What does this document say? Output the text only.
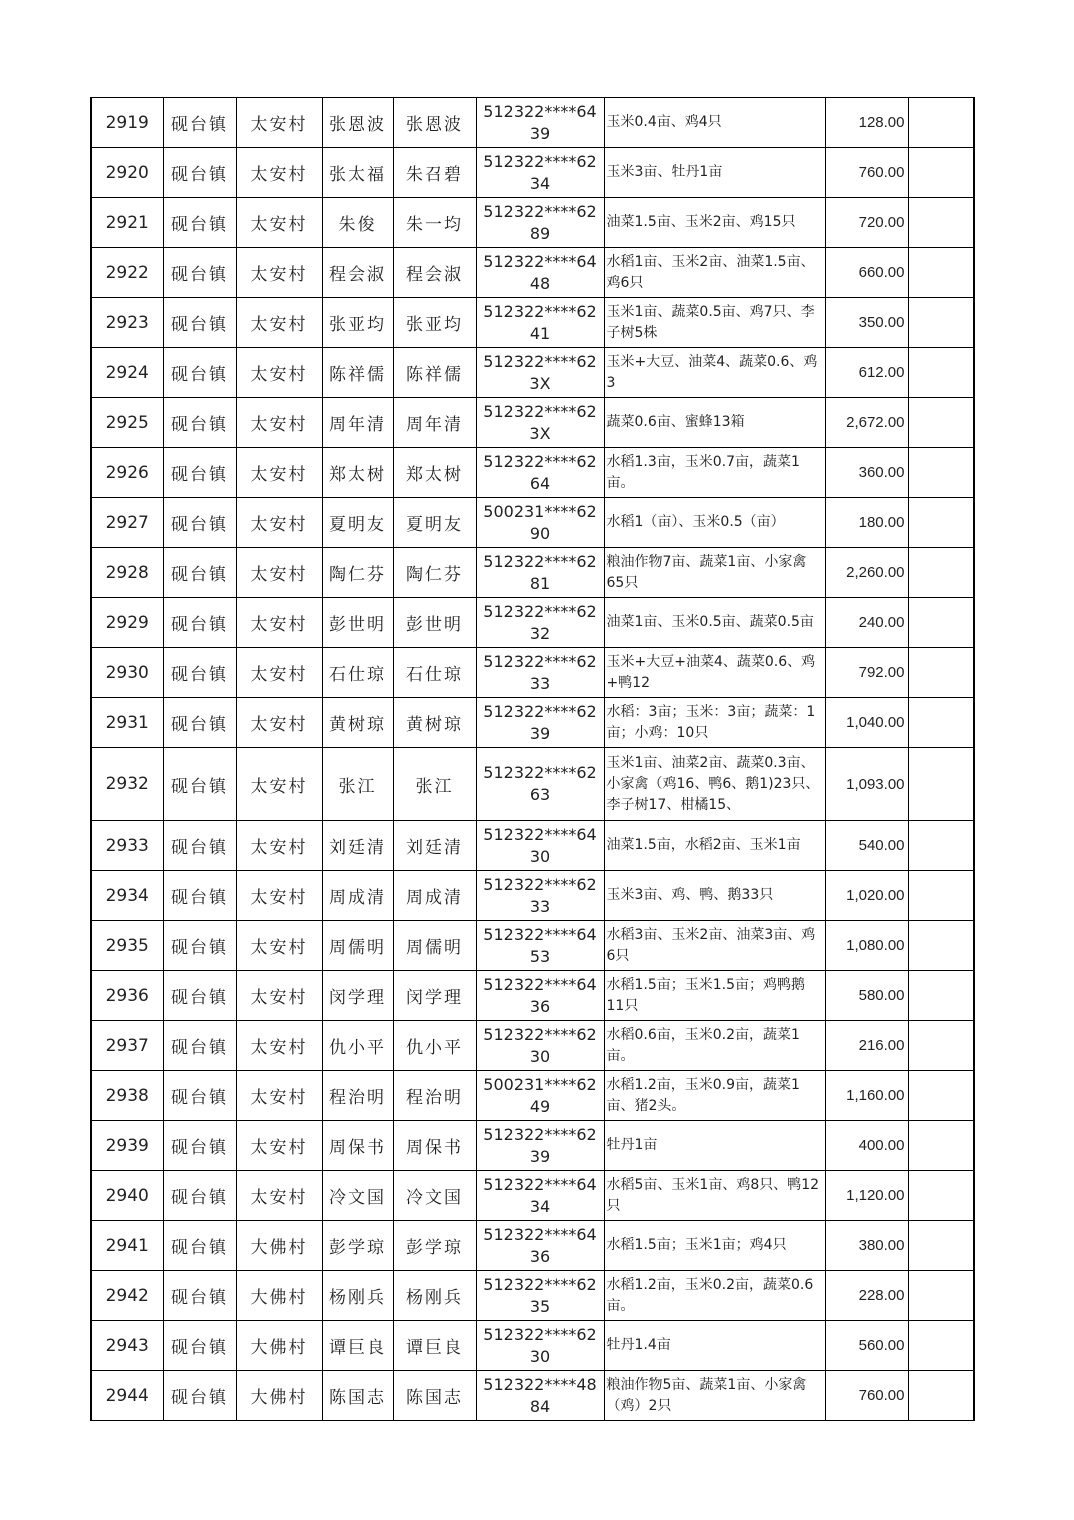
2919	砚台镇	太安村	张恩波	张恩波	512322****6439	玉米0.4亩、鸡4只	128.00	
2920	砚台镇	太安村	张太福	朱召碧	512322****6234	玉米3亩、牡丹1亩	760.00	
2921	砚台镇	太安村	朱俊	朱一均	512322****6289	油菜1.5亩、玉米2亩、鸡15只	720.00	
2922	砚台镇	太安村	程会淑	程会淑	512322****6448	水稻1亩、玉米2亩、油菜1.5亩、鸡6只	660.00	
2923	砚台镇	太安村	张亚均	张亚均	512322****6241	玉米1亩、蔬菜0.5亩、鸡7只、李子树5株	350.00	
2924	砚台镇	太安村	陈祥儒	陈祥儒	512322****623X	玉米+大豆、油菜4、蔬菜0.6、鸡3	612.00	
2925	砚台镇	太安村	周年清	周年清	512322****623X	蔬菜0.6亩、蜜蜂13箱	2,672.00	
2926	砚台镇	太安村	郑太树	郑太树	512322****6264	水稻1.3亩，玉米0.7亩，蔬菜1亩。	360.00	
2927	砚台镇	太安村	夏明友	夏明友	500231****6290	水稻1（亩）、玉米0.5（亩）	180.00	
2928	砚台镇	太安村	陶仁芬	陶仁芬	512322****6281	粮油作物7亩、蔬菜1亩、小家禽65只	2,260.00	
2929	砚台镇	太安村	彭世明	彭世明	512322****6232	油菜1亩、玉米0.5亩、蔬菜0.5亩	240.00	
2930	砚台镇	太安村	石仕琼	石仕琼	512322****6233	玉米+大豆+油菜4、蔬菜0.6、鸡+鸭12	792.00	
2931	砚台镇	太安村	黄树琼	黄树琼	512322****6239	水稻：3亩；玉米：3亩；蔬菜：1亩；小鸡：10只	1,040.00	
2932	砚台镇	太安村	张江	张江	512322****6263	玉米1亩、油菜2亩、蔬菜0.3亩、小家禽（鸡16、鸭6、鹅1)23只、李子树17、柑橘15、	1,093.00	
2933	砚台镇	太安村	刘廷清	刘廷清	512322****6430	油菜1.5亩，水稻2亩、玉米1亩	540.00	
2934	砚台镇	太安村	周成清	周成清	512322****6233	玉米3亩、鸡、鸭、鹅33只	1,020.00	
2935	砚台镇	太安村	周儒明	周儒明	512322****6453	水稻3亩、玉米2亩、油菜3亩、鸡6只	1,080.00	
2936	砚台镇	太安村	闵学理	闵学理	512322****6436	水稻1.5亩；玉米1.5亩；鸡鸭鹅11只	580.00	
2937	砚台镇	太安村	仇小平	仇小平	512322****6230	水稻0.6亩，玉米0.2亩，蔬菜1亩。	216.00	
2938	砚台镇	太安村	程治明	程治明	500231****6249	水稻1.2亩，玉米0.9亩，蔬菜1亩、猪2头。	1,160.00	
2939	砚台镇	太安村	周保书	周保书	512322****6239	牡丹1亩	400.00	
2940	砚台镇	太安村	冷文国	冷文国	512322****6434	水稻5亩、玉米1亩、鸡8只、鸭12只	1,120.00	
2941	砚台镇	大佛村	彭学琼	彭学琼	512322****6436	水稻1.5亩；玉米1亩；鸡4只	380.00	
2942	砚台镇	大佛村	杨刚兵	杨刚兵	512322****6235	水稻1.2亩，玉米0.2亩，蔬菜0.6亩。	228.00	
2943	砚台镇	大佛村	谭巨良	谭巨良	512322****6230	牡丹1.4亩	560.00	
2944	砚台镇	大佛村	陈国志	陈国志	512322****4884	粮油作物5亩、蔬菜1亩、小家禽（鸡）2只	760.00	
